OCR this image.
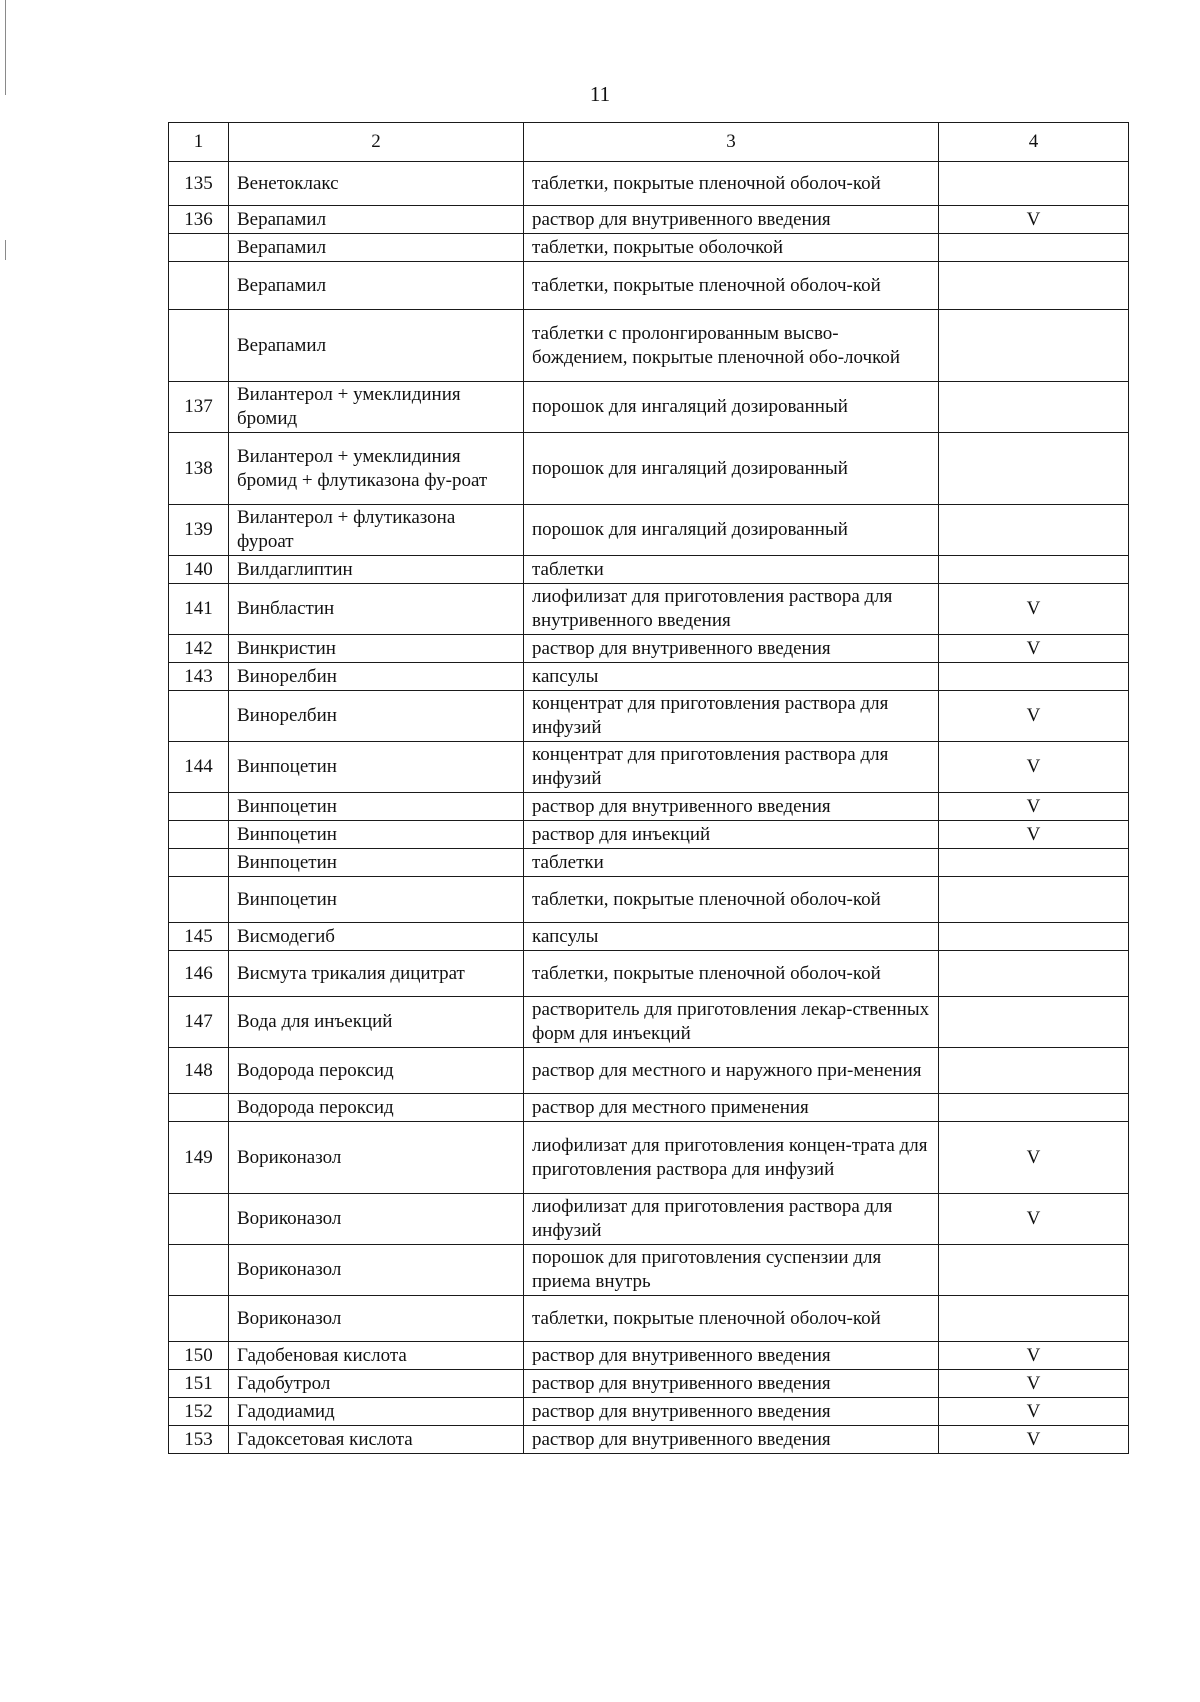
11
1	2	3	4
135	Венетоклакс	таблетки, покрытые пленочной оболоч-кой	
136	Верапамил	раствор для внутривенного введения	V
	Верапамил	таблетки, покрытые оболочкой	
	Верапамил	таблетки, покрытые пленочной оболоч-кой	
	Верапамил	таблетки с пролонгированным высво-бождением, покрытые пленочной обо-лочкой	
137	Вилантерол + умеклидиния бромид	порошок для ингаляций дозированный	
138	Вилантерол + умеклидиния бромид + флутиказона фу-роат	порошок для ингаляций дозированный	
139	Вилантерол + флутиказона фуроат	порошок для ингаляций дозированный	
140	Вилдаглиптин	таблетки	
141	Винбластин	лиофилизат для приготовления раствора для внутривенного введения	V
142	Винкристин	раствор для внутривенного введения	V
143	Винорелбин	капсулы	
	Винорелбин	концентрат для приготовления раствора для инфузий	V
144	Винпоцетин	концентрат для приготовления раствора для инфузий	V
	Винпоцетин	раствор для внутривенного введения	V
	Винпоцетин	раствор для инъекций	V
	Винпоцетин	таблетки	
	Винпоцетин	таблетки, покрытые пленочной оболоч-кой	
145	Висмодегиб	капсулы	
146	Висмута трикалия дицитрат	таблетки, покрытые пленочной оболоч-кой	
147	Вода для инъекций	растворитель для приготовления лекар-ственных форм для инъекций	
148	Водорода пероксид	раствор для местного и наружного при-менения	
	Водорода пероксид	раствор для местного применения	
149	Вориконазол	лиофилизат для приготовления концен-трата для приготовления раствора для инфузий	V
	Вориконазол	лиофилизат для приготовления раствора для инфузий	V
	Вориконазол	порошок для приготовления суспензии для приема внутрь	
	Вориконазол	таблетки, покрытые пленочной оболоч-кой	
150	Гадобеновая кислота	раствор для внутривенного введения	V
151	Гадобутрол	раствор для внутривенного введения	V
152	Гадодиамид	раствор для внутривенного введения	V
153	Гадоксетовая кислота	раствор для внутривенного введения	V
